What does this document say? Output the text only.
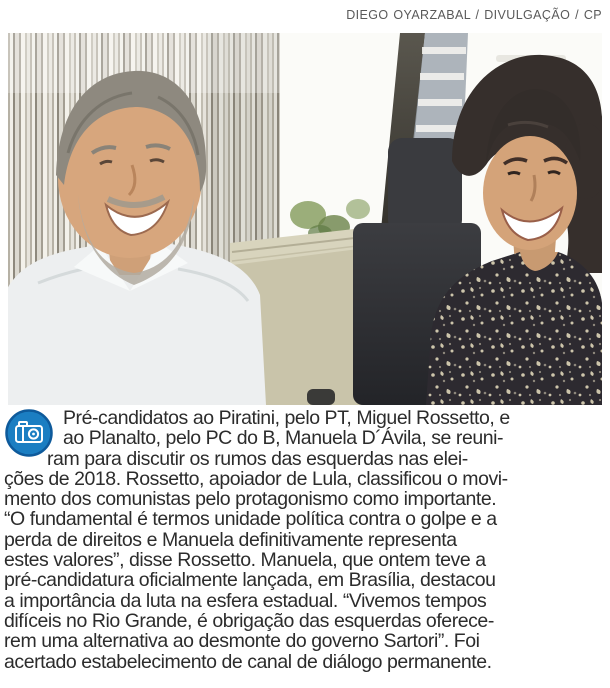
DIEGO OYARZABAL / DIVULGAÇÃO / CP
Pré-candidatos ao Piratini, pelo PT, Miguel Rossetto, e
ao Planalto, pelo PC do B, Manuela D´Ávila, se reuni-
ram para discutir os rumos das esquerdas nas elei-
ções de 2018. Rossetto, apoiador de Lula, classificou o movi-
mento dos comunistas pelo protagonismo como importante.
“O fundamental é termos unidade política contra o golpe e a
perda de direitos e Manuela definitivamente representa
estes valores”, disse Rossetto. Manuela, que ontem teve a
pré-candidatura oficialmente lançada, em Brasília, destacou
a importância da luta na esfera estadual. “Vivemos tempos
difíceis no Rio Grande, é obrigação das esquerdas oferece-
rem uma alternativa ao desmonte do governo Sartori”. Foi
acertado estabelecimento de canal de diálogo permanente.
